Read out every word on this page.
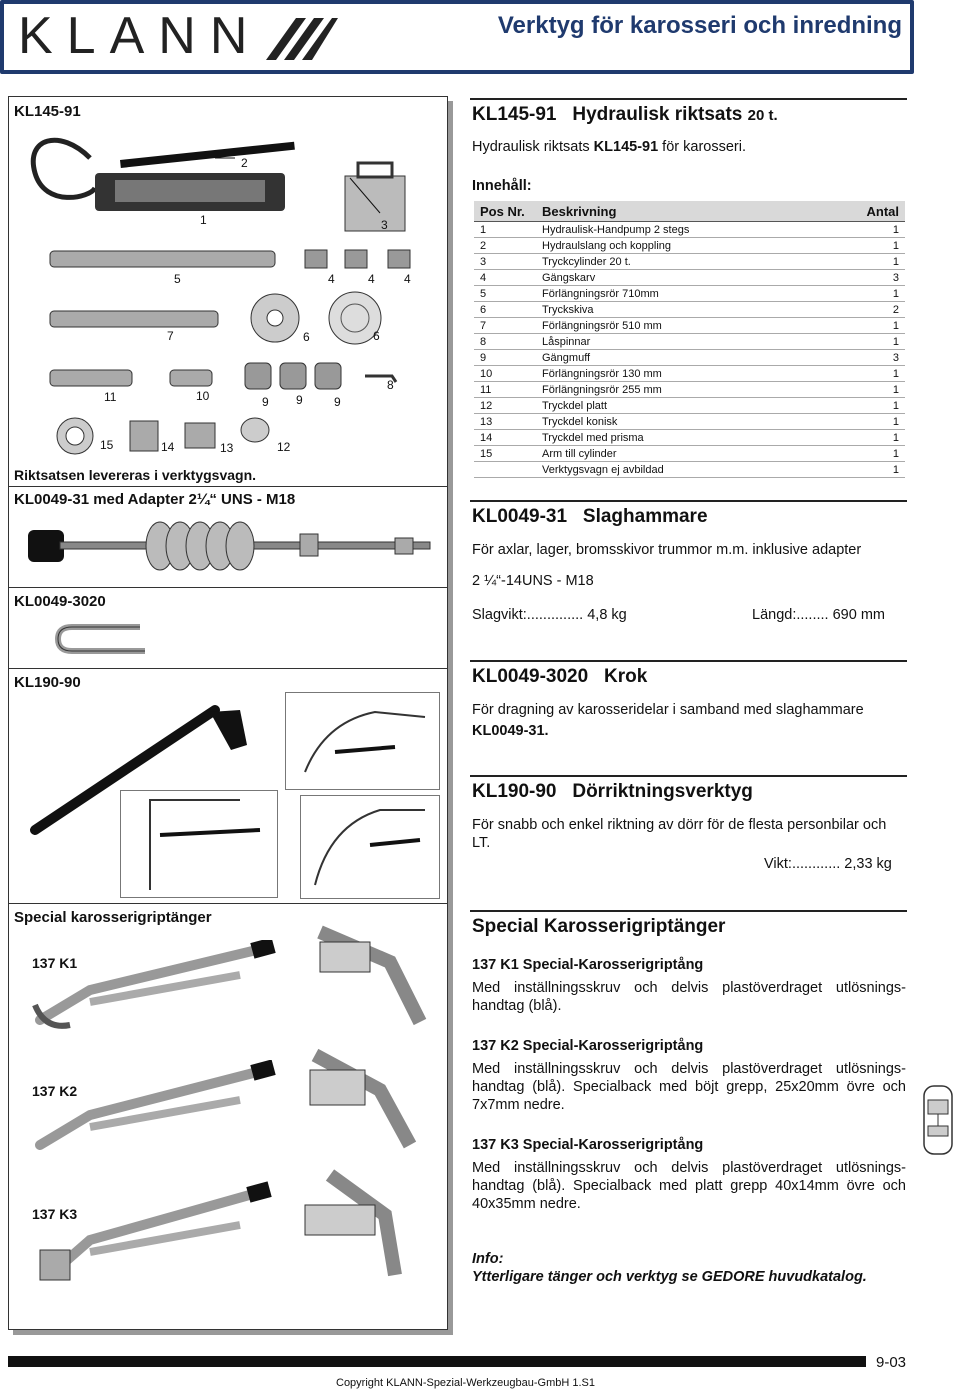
KLANN	Verktyg för karosseri och inredning
KL145-91
2
1	3
5	4	4 4
7	6	6
11	10	9 9	9
8
15	14	13	12
Riktsatsen levereras i verktygsvagn.
KL0049-31 med Adapter 2¼“ UNS - M18
KL0049-3020
KL190-90
Special karosserigriptänger
137 K1
137 K2
137 K3
KL145-91 Hydraulisk riktsats 20 t.
Hydraulisk riktsats KL145-91 för karosseri.
Innehåll:
Pos Nr.	Beskrivning	Antal
1	Hydraulisk-Handpump 2 stegs	1
2	Hydraulslang och koppling	1
3	Tryckcylinder 20 t.	1
4	Gängskarv	3
5	Förlängningsrör 710mm	1
6	Tryckskiva	2
7	Förlängningsrör 510 mm	1
8	Låspinnar	1
9	Gängmuff	3
10	Förlängningsrör 130 mm	1
11	Förlängningsrör 255 mm	1
12	Tryckdel platt	1
13	Tryckdel konisk	1
14	Tryckdel med prisma	1
15	Arm till cylinder	1
	Verktygsvagn ej avbildad	1
KL0049-31 Slaghammare
För axlar, lager, bromsskivor trummor m.m. inklusive adapter
2 ¼“-14UNS - M18
Slagvikt:.............. 4,8 kg	Längd:........ 690 mm
KL0049-3020 Krok
För dragning av karosseridelar i samband med slaghammare
KL0049-31.
KL190-90 Dörriktningsverktyg
För snabb och enkel riktning av dörr för de flesta personbilar och LT.
Vikt:............ 2,33 kg
Special Karosserigriptänger
137 K1 Special-Karosserigriptång
Med inställningsskruv och delvis plastöverdraget utlösnings-handtag (blå).
137 K2 Special-Karosserigriptång
Med inställningsskruv och delvis plastöverdraget utlösnings-handtag (blå). Specialback med böjt grepp, 25x20mm övre och 7x7mm nedre.
137 K3 Special-Karosserigriptång
Med inställningsskruv och delvis plastöverdraget utlösnings-handtag (blå). Specialback med platt grepp 40x14mm övre och 40x35mm nedre.
Info:
Ytterligare tänger och verktyg se GEDORE huvudkatalog.
9-03
Copyright KLANN-Spezial-Werkzeugbau-GmbH 1.S1
